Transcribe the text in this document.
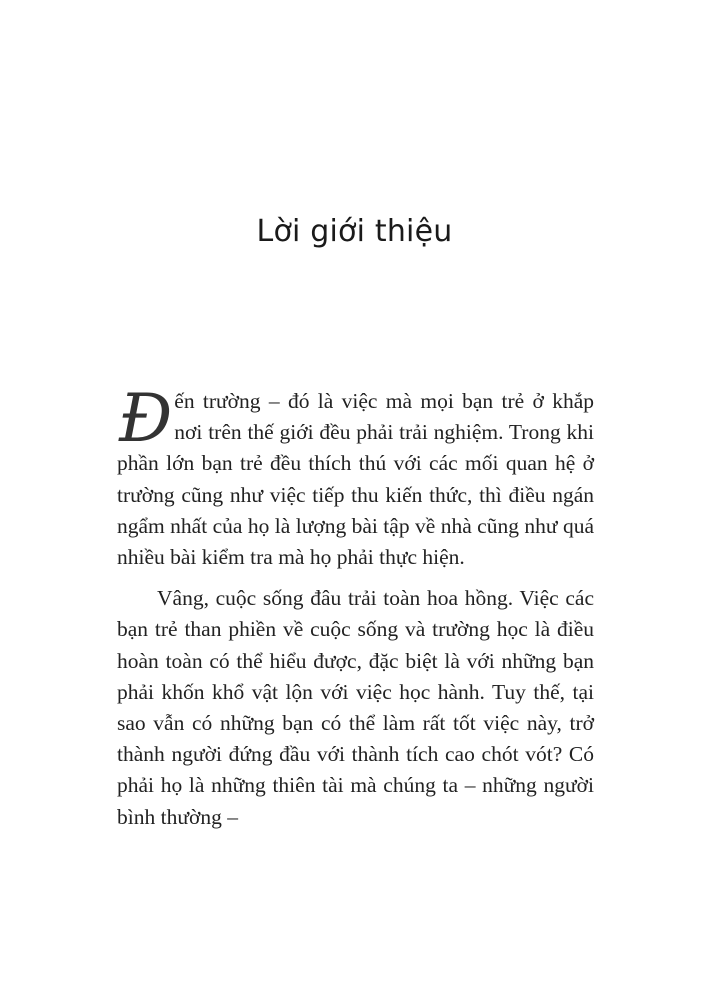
Lời giới thiệu

Đến trường – đó là việc mà mọi bạn trẻ ở khắp nơi trên thế giới đều phải trải nghiệm. Trong khi phần lớn bạn trẻ đều thích thú với các mối quan hệ ở trường cũng như việc tiếp thu kiến thức, thì điều ngán ngẩm nhất của họ là lượng bài tập về nhà cũng như quá nhiều bài kiểm tra mà họ phải thực hiện.

Vâng, cuộc sống đâu trải toàn hoa hồng. Việc các bạn trẻ than phiền về cuộc sống và trường học là điều hoàn toàn có thể hiểu được, đặc biệt là với những bạn phải khốn khổ vật lộn với việc học hành. Tuy thế, tại sao vẫn có những bạn có thể làm rất tốt việc này, trở thành người đứng đầu với thành tích cao chót vót? Có phải họ là những thiên tài mà chúng ta – những người bình thường –
